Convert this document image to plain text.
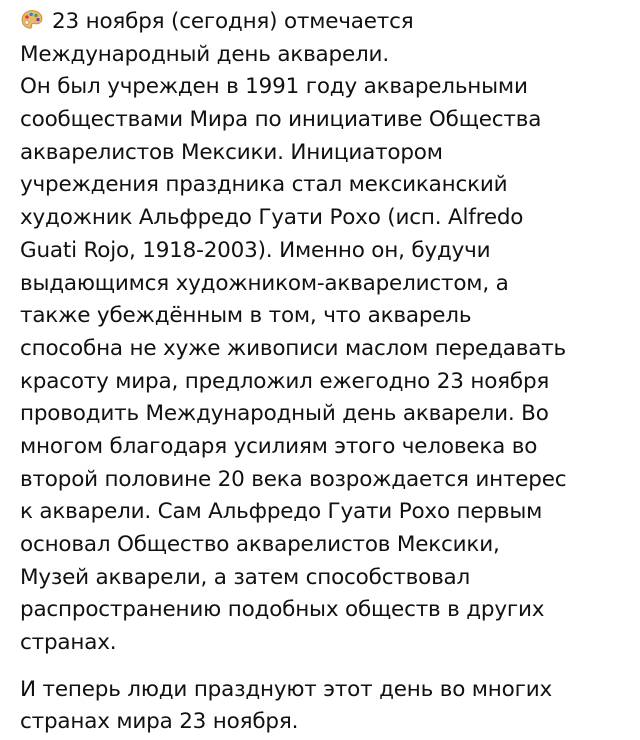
23 ноября (сегодня) отмечается
Международный день акварели.
Он был учрежден в 1991 году акварельными
сообществами Мира по инициативе Общества
акварелистов Мексики. Инициатором
учреждения праздника стал мексиканский
художник Альфредо Гуати Рохо (исп. Alfredo
Guati Rojo, 1918-2003). Именно он, будучи
выдающимся художником-акварелистом, а
также убеждённым в том, что акварель
способна не хуже живописи маслом передавать
красоту мира, предложил ежегодно 23 ноября
проводить Международный день акварели. Во
многом благодаря усилиям этого человека во
второй половине 20 века возрождается интерес
к акварели. Сам Альфредо Гуати Рохо первым
основал Общество акварелистов Мексики,
Музей акварели, а затем способствовал
распространению подобных обществ в других
странах.
И теперь люди празднуют этот день во многих
странах мира 23 ноября.
